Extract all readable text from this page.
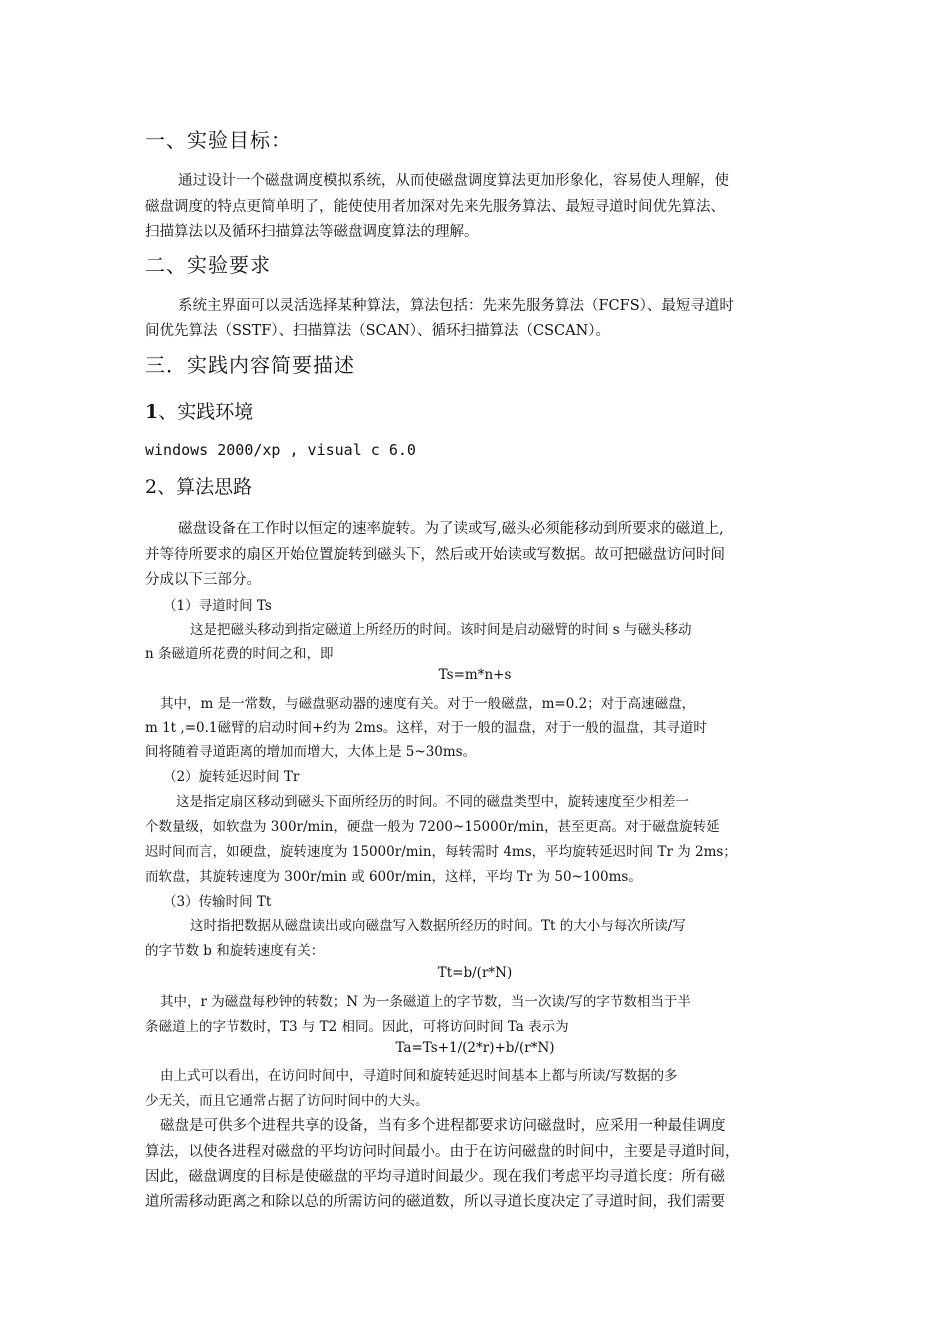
一、实验目标：

通过设计一个磁盘调度模拟系统，从而使磁盘调度算法更加形象化，容易使人理解，使

磁盘调度的特点更简单明了，能使使用者加深对先来先服务算法、最短寻道时间优先算法、

扫描算法以及循环扫描算法等磁盘调度算法的理解。

二、实验要求

系统主界面可以灵活选择某种算法，算法包括：先来先服务算法（FCFS）、最短寻道时

间优先算法（SSTF）、扫描算法（SCAN）、循环扫描算法（CSCAN）。

三．实践内容简要描述

1、实践环境

windows 2000/xp , visual c 6.0

2、算法思路

磁盘设备在工作时以恒定的速率旋转。为了读或写,磁头必须能移动到所要求的磁道上,

并等待所要求的扇区开始位置旋转到磁头下，然后或开始读或写数据。故可把磁盘访问时间

分成以下三部分。

（1）寻道时间 Ts

这是把磁头移动到指定磁道上所经历的时间。该时间是启动磁臂的时间 s 与磁头移动

n 条磁道所花费的时间之和，即

Ts=m*n+s

其中，m 是一常数，与磁盘驱动器的速度有关。对于一般磁盘，m=0.2；对于高速磁盘，

m 1t ,=0.1磁臂的启动时间+约为 2ms。这样，对于一般的温盘，对于一般的温盘，其寻道时

间将随着寻道距离的增加而增大，大体上是 5~30ms。

（2）旋转延迟时间 Tr

这是指定扇区移动到磁头下面所经历的时间。不同的磁盘类型中，旋转速度至少相差一

个数量级，如软盘为 300r/min，硬盘一般为 7200~15000r/min，甚至更高。对于磁盘旋转延

迟时间而言，如硬盘，旋转速度为 15000r/min，每转需时 4ms，平均旋转延迟时间 Tr 为 2ms；

而软盘，其旋转速度为 300r/min 或 600r/min，这样，平均 Tr 为 50~100ms。

（3）传输时间 Tt

这时指把数据从磁盘读出或向磁盘写入数据所经历的时间。Tt 的大小与每次所读/写

的字节数 b 和旋转速度有关：

Tt=b/(r*N)

其中，r 为磁盘每秒钟的转数；N 为一条磁道上的字节数，当一次读/写的字节数相当于半

条磁道上的字节数时，T3 与 T2 相同。因此，可将访问时间 Ta 表示为

Ta=Ts+1/(2*r)+b/(r*N)

由上式可以看出，在访问时间中，寻道时间和旋转延迟时间基本上都与所读/写数据的多

少无关，而且它通常占据了访问时间中的大头。

磁盘是可供多个进程共享的设备，当有多个进程都要求访问磁盘时，应采用一种最佳调度

算法，以使各进程对磁盘的平均访问时间最小。由于在访问磁盘的时间中，主要是寻道时间，

因此，磁盘调度的目标是使磁盘的平均寻道时间最少。现在我们考虑平均寻道长度：所有磁

道所需移动距离之和除以总的所需访问的磁道数，所以寻道长度决定了寻道时间，我们需要
